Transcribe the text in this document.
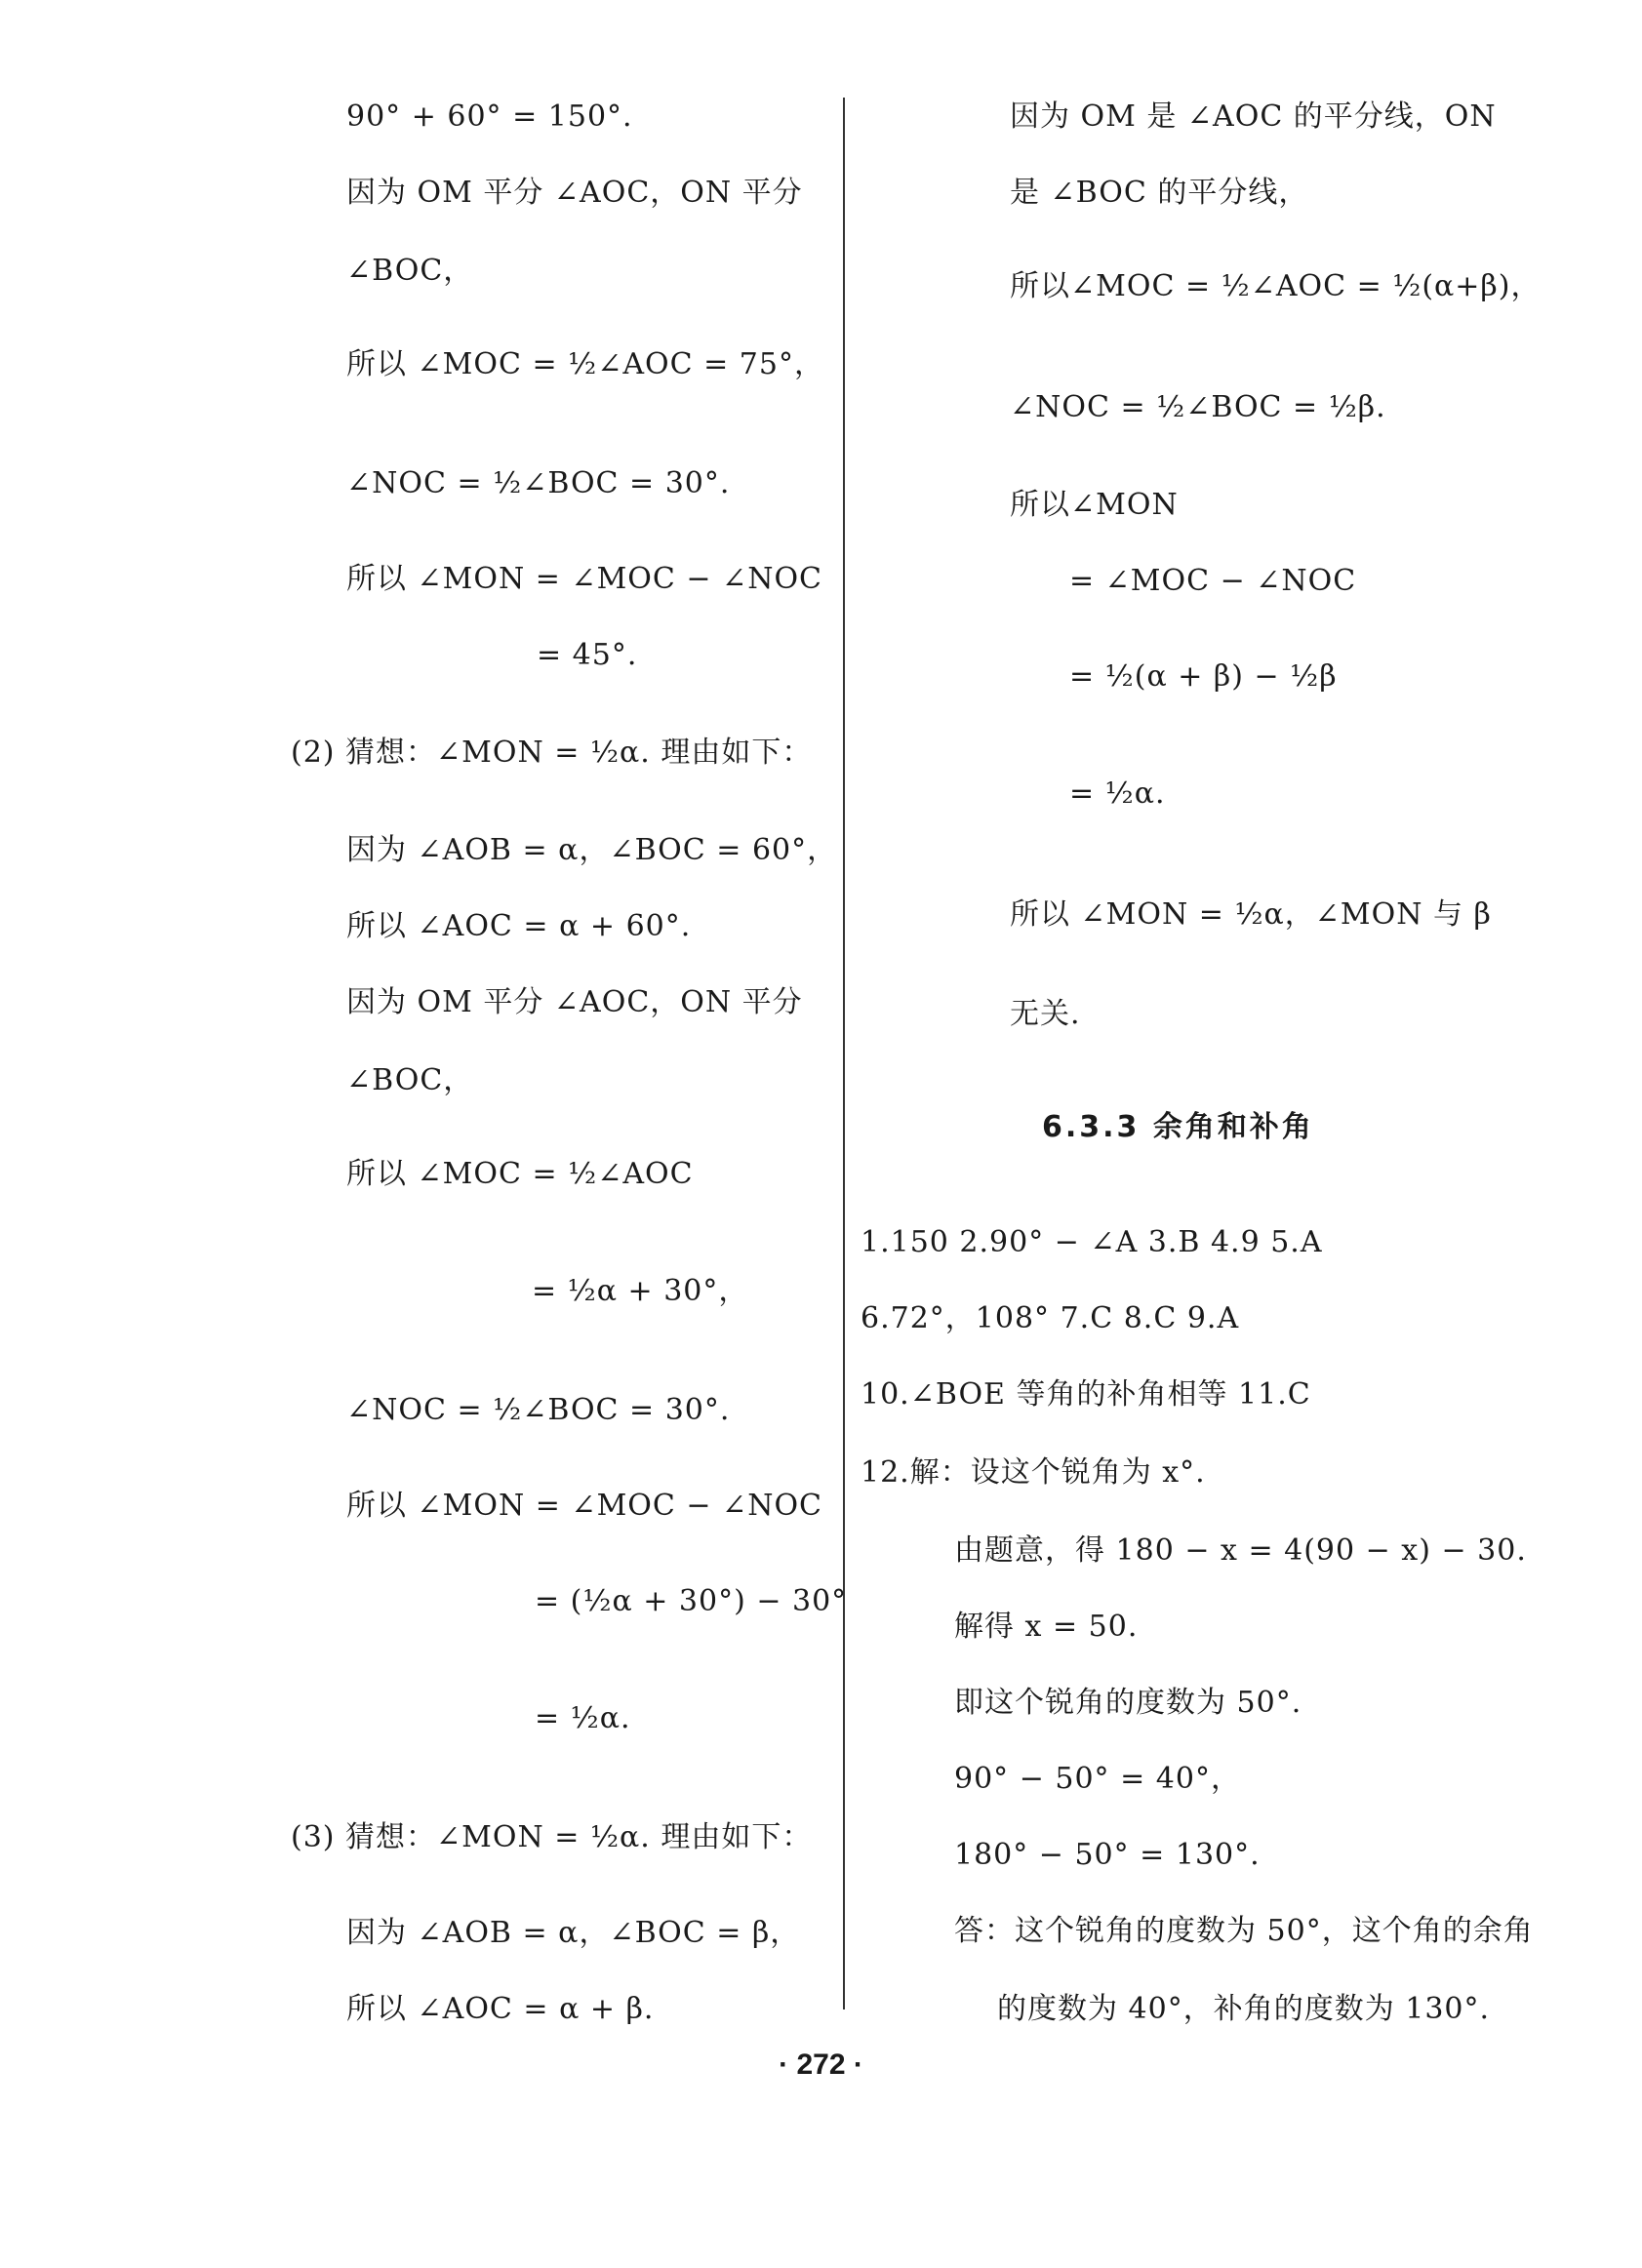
90° + 60° = 150°.
因为 OM 平分 ∠AOC，ON 平分
∠BOC，
所以 ∠MOC = ½∠AOC = 75°，
∠NOC = ½∠BOC = 30°.
所以 ∠MON = ∠MOC − ∠NOC
= 45°.
(2) 猜想：∠MON = ½α. 理由如下：
因为 ∠AOB = α，∠BOC = 60°，
所以 ∠AOC = α + 60°.
因为 OM 平分 ∠AOC，ON 平分
∠BOC，
所以 ∠MOC = ½∠AOC
= ½α + 30°，
∠NOC = ½∠BOC = 30°.
所以 ∠MON = ∠MOC − ∠NOC
= (½α + 30°) − 30°
= ½α.
(3) 猜想：∠MON = ½α. 理由如下：
因为 ∠AOB = α，∠BOC = β，
所以 ∠AOC = α + β.
因为 OM 是 ∠AOC 的平分线，ON
是 ∠BOC 的平分线，
所以∠MOC = ½∠AOC = ½(α+β)，
∠NOC = ½∠BOC = ½β.
所以∠MON
= ∠MOC − ∠NOC
= ½(α + β) − ½β
= ½α.
所以 ∠MON = ½α，∠MON 与 β
无关.
6.3.3 余角和补角
1.150 2.90° − ∠A 3.B 4.9 5.A
6.72°，108° 7.C 8.C 9.A
10.∠BOE 等角的补角相等 11.C
12.解：设这个锐角为 x°.
由题意，得 180 − x = 4(90 − x) − 30.
解得 x = 50.
即这个锐角的度数为 50°.
90° − 50° = 40°，
180° − 50° = 130°.
答：这个锐角的度数为 50°，这个角的余角
的度数为 40°，补角的度数为 130°.
· 272 ·
